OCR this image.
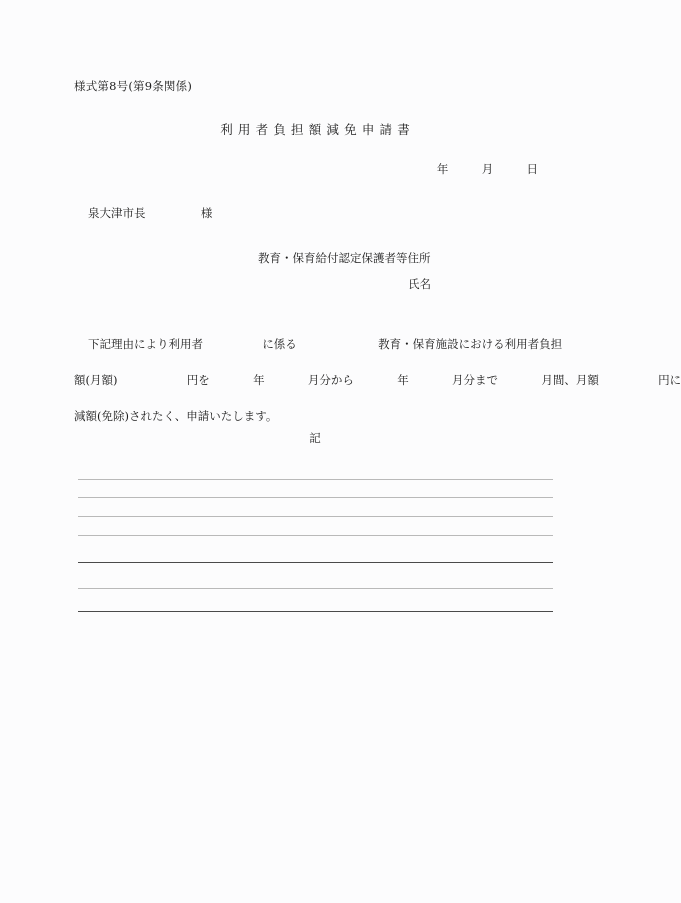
様式第8号(第9条関係)
利用者負担額減免申請書
年	月	日
泉大津市長	様
教育・保育給付認定保護者等住所
氏名
下記理由により利用者	に係る	教育・保育施設における利用者負担
額(月額)	円を	年	月分から	年	月分まで	月間、月額	円に
減額(免除)されたく、申請いたします。
記
